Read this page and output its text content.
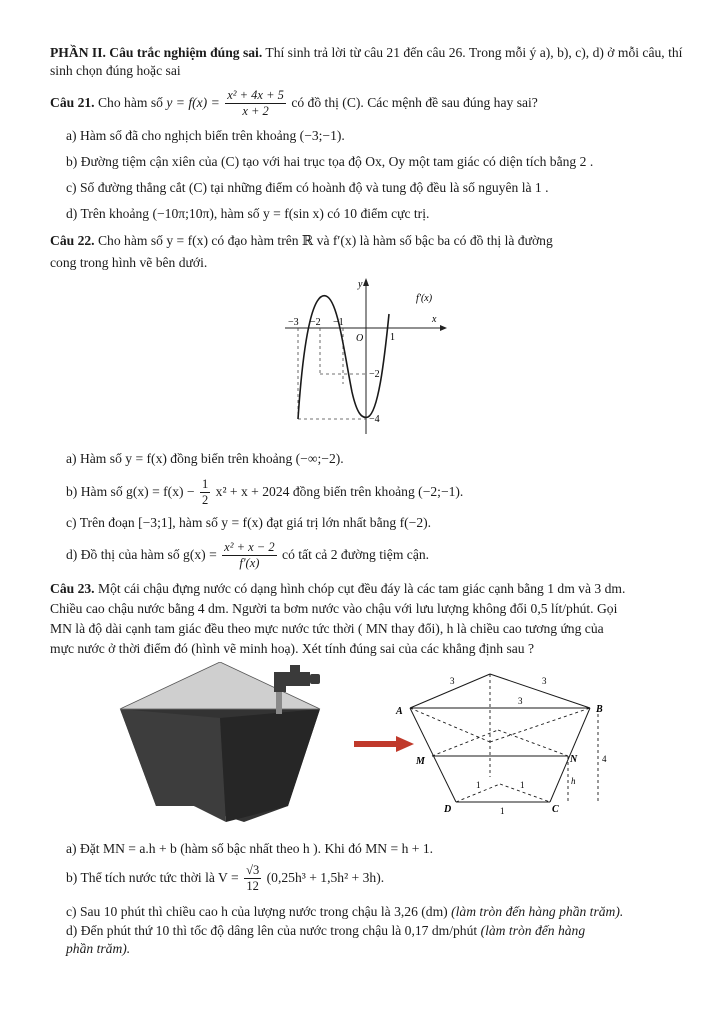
PHẦN II. Câu trắc nghiệm đúng sai. Thí sinh trả lời từ câu 21 đến câu 26. Trong mỗi ý a), b), c), d) ở mỗi câu, thí sinh chọn đúng hoặc sai
Câu 21. Cho hàm số $y = f(x) = \frac{\text{x² + 4x + 5}}{x + 2}$ có đồ thị (C). Các mệnh đề sau đúng hay sai?
a) Hàm số đã cho nghịch biến trên khoảng (−3;−1).
b) Đường tiệm cận xiên của (C) tạo với hai trục tọa độ Ox, Oy một tam giác có diện tích bằng 2 .
c) Số đường thẳng cắt (C) tại những điểm có hoành độ và tung độ đều là số nguyên là 1 .
d) Trên khoảng (−10π;10π), hàm số y = f(sin x) có 10 điểm cực trị.
Câu 22. Cho hàm số y = f(x) có đạo hàm trên ℝ và f′(x) là hàm số bậc ba có đồ thị là đường
cong trong hình vẽ bên dưới.
y
x
f′(x)
O
−3 −2 −1
1
−2
−4
a) Hàm số y = f(x) đồng biến trên khoảng (−∞;−2).
b) Hàm số $g(x) = f(x) - \frac{1}{2} x^2 + x + 2024$ đồng biến trên khoảng (−2;−1).
c) Trên đoạn [−3;1], hàm số y = f(x) đạt giá trị lớn nhất bằng f(−2).
d) Đồ thị của hàm số $g(x) = \frac{\text{x² + x − 2}}{f'(x)}$ có tất cả 2 đường tiệm cận.
Câu 23. Một cái chậu đựng nước có dạng hình chóp cụt đều đáy là các tam giác cạnh bằng 1 dm và 3 dm.
Chiều cao chậu nước bằng 4 dm. Người ta bơm nước vào chậu với lưu lượng không đổi 0,5 lít/phút. Gọi
MN là độ dài cạnh tam giác đều theo mực nước tức thời ( MN thay đổi), h là chiều cao tương ứng của
mực nước ở thời điểm đó (hình vẽ minh hoạ). Xét tính đúng sai của các khẳng định sau ?
A	B
M	N
D	C
3	3
3
1
1	1
4
h
a) Đặt MN = a.h + b (hàm số bậc nhất theo h ). Khi đó MN = h + 1.
b) Thể tích nước tức thời là $V = \frac{√3}{12} (0,25h^3 + 1,5h^2 + 3h)$.
c) Sau 10 phút thì chiều cao h của lượng nước trong chậu là 3,26 (dm) (làm tròn đến hàng phần trăm).
d) Đến phút thứ 10 thì tốc độ dâng lên của nước trong chậu là 0,17 dm/phút (làm tròn đến hàng
phần trăm).
